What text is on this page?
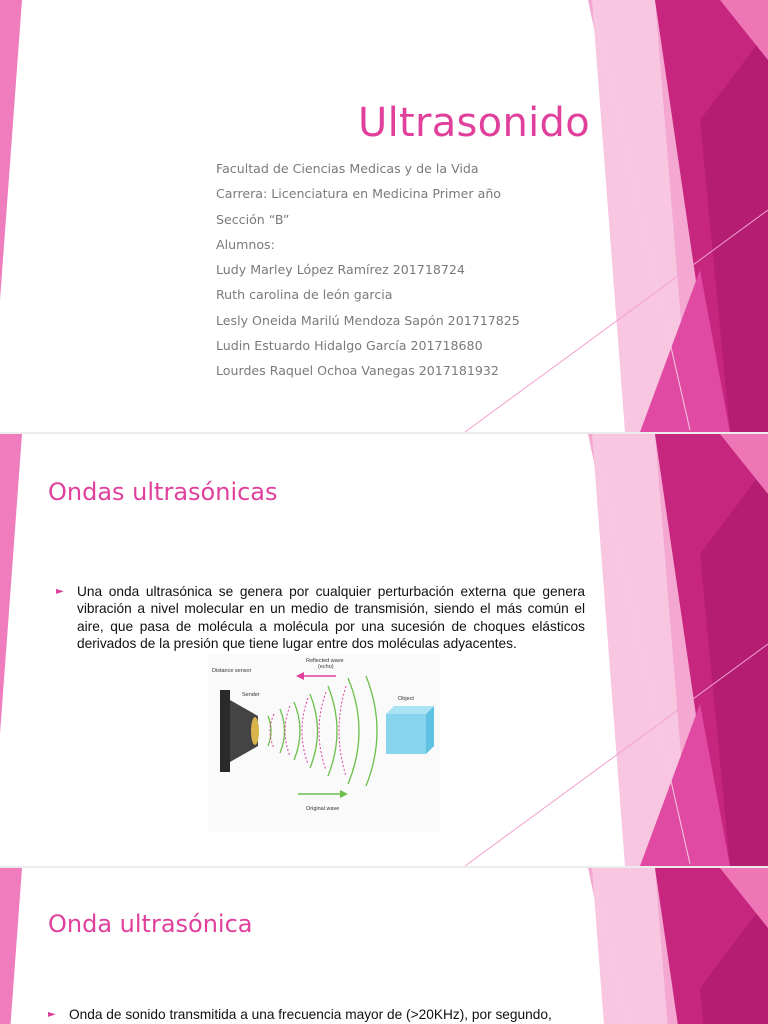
Ultrasonido
Facultad de Ciencias Medicas y de la Vida
Carrera: Licenciatura en Medicina Primer año
Sección “B”
Alumnos:
Ludy Marley López Ramírez 201718724
Ruth carolina de león garcia
Lesly Oneida Marilú Mendoza Sapón 201717825
Ludin Estuardo Hidalgo García 201718680
Lourdes Raquel Ochoa Vanegas 2017181932
Ondas ultrasónicas
► Una onda ultrasónica se genera por cualquier perturbación externa que genera vibración a nivel molecular en un medio de transmisión, siendo el más común el aire, que pasa de molécula a molécula por una sucesión de choques elásticos derivados de la presión que tiene lugar entre dos moléculas adyacentes.
Distance sensor
Sender
Reflected wave
(echo)
Object
Original wave
Onda ultrasónica
► Onda de sonido transmitida a una frecuencia mayor de (>20KHz), por segundo,
